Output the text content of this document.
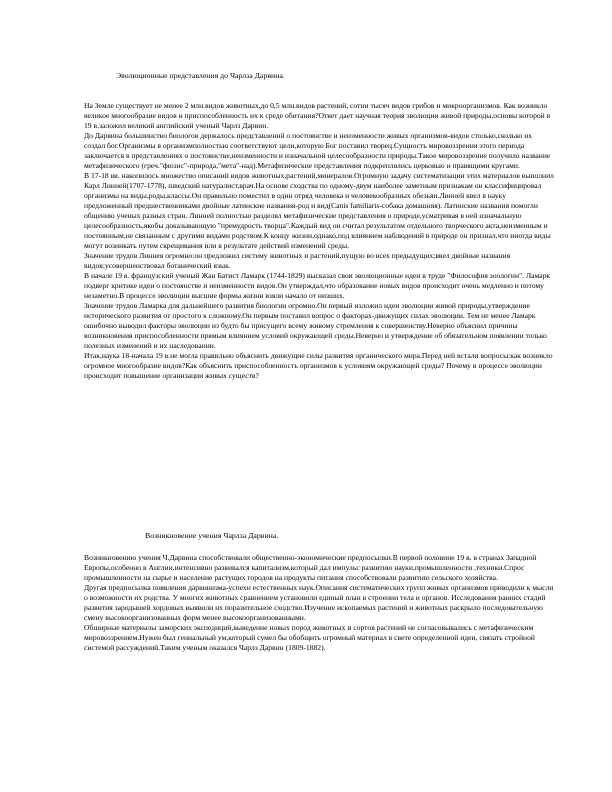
Эволюционные представления до Чарлза Дарвина.

На Земле существует не менее 2 млн.видов животных,до 0,5 млн.видов растений, сотни тысяч видов грибов и микроорганизмов. Как возникло великое многообразие видов и приспособленность их к среде обитания?Ответ дает научная теория эволюции живой природы,основы которой в 19 в.заложил великий английский ученый Чарлз Дарвин.

До Дарвина большинство биологов держалось представлений о постоянстве и неизменности живых организмов-видов столько,сколько их создал бог.Организмы в организмполностью соответствуют цели,которую Бог поставил творец.Сущность мировоззрения этого периода заключается в представлениях о постоянстве,неизменности и изначальной целесообразности природы.Такое мировоззрение получило название метафизического (греч."фюзис"-природа,"мета"-над).Метафизические представления подкреплялись церковью и правящими кругами.

В 17-18 вв. накопилось множество описаний видов животных,растений,минералов.Огромную задачу систематизации этих материалов выполнил Карл Линней(1707-1778), шведский натуралист,врач.На основе сходства по одному-двум наиболее заметным признакам он классифицировал организмы на виды,роды,классы.Он правильно поместил в один отряд человека и человекообразных обезьян.Линней ввел в науку предложенный предшественниками двойные латинские названия-род и вид(Canis familiaris-собака домашняя). Латинские названия помогли общению ученых разных стран. Линней полностью разделял метафизические представления о природе,усматривая в ней изначальную целесообразность,якобы доказывающую "премудрость творца".Каждый вид он считал результатом отдельного творческого акта,неизменным и постоянным,не связанным с другими видами родством.К концу жизни,однако,под влиянием наблюдений в природе он признал,что иногда виды могут возникать путем скрещивания или в результате действий изменений среды.

Значение трудов Линнея огромно:он предложил систему животных и растений,пущую во всех предыдущих;ввел двойные названия видов;усовершенствовал ботанический язык.

В начале 19 в. французский ученый Жан Батист Ламарк (1744-1829) высказал свои эволюционные идеи в труде "Философия зоологии". Ламарк подверг критике идеи о постоянстве и неизменности видов.Он утверждал,что образование новых видов происходит очень медленно и потому незаметно.В процессе эволюции высшие формы жизни взяли начало от низших.

Значение трудов Ламарка для дальнейшего развития биологии огромно.Он первый изложил идеи эволюции живой природы,утверждение исторического развития от простого к сложному.Он первым поставил вопрос о факторах-движущих силах эволюции. Тем не менее Ламарк ошибочно выводил факторы эволюции из будто бы присущего всему живому стремления к совершенству.Неверно объяснил причины возникновения приспособленности прямым влиянием условий окружающей среды.Неверно и утверждение об обязательном появлении только полезных изменений и их наследовании.

Итак,наука 18-начала 19 в.не могла правильно объяснить движущие силы развития органического мира.Перед ней встали вопросы:как возникло огромное многообразие видов?Как объяснить приспособленность организмов к условиям окружающей среды? Почему в процессе эволюции происходит повышение организации живых существ?

Возникновение учения Чарлза Дарвина.

Возникновению учения Ч.Дарвина способствовали общественно-экономические предпосылки.В первой половине 19 в. в странах Западной Европы,особенно в Англии,интенсивно развивался капитализм,который дал импульс развитию науки,промышленности ,техники.Спрос промышленности на сырье и население растущих городов на продукты питания способствовали развитию сельского хозяйства.

Другая предпосылка появления дарвинизма-успехи естественных наук.Описания систематических групп живых организмов приводили к мысли о возможности их родства. У многих животных сравнением установили единый план в строении тела и органов. Исследования ранних стадий развития зародышей хордовых выявили их поразительное сходство.Изучение ископаемых растений и животных раскрыло последовательную смену высокоорганизованных форм менее высокоорганизованными.

Обширные материалы заморских экспедиций,выведение новых пород животных и сортов растений не согласовывались с метафизическим мировоззрением.Нужен был гениальный ум,который сумел бы обобщить огромный материал в свете определенной идеи, связать стройной системой рассуждений.Таким ученым оказался Чарлз Дарвин (1809-1882).
